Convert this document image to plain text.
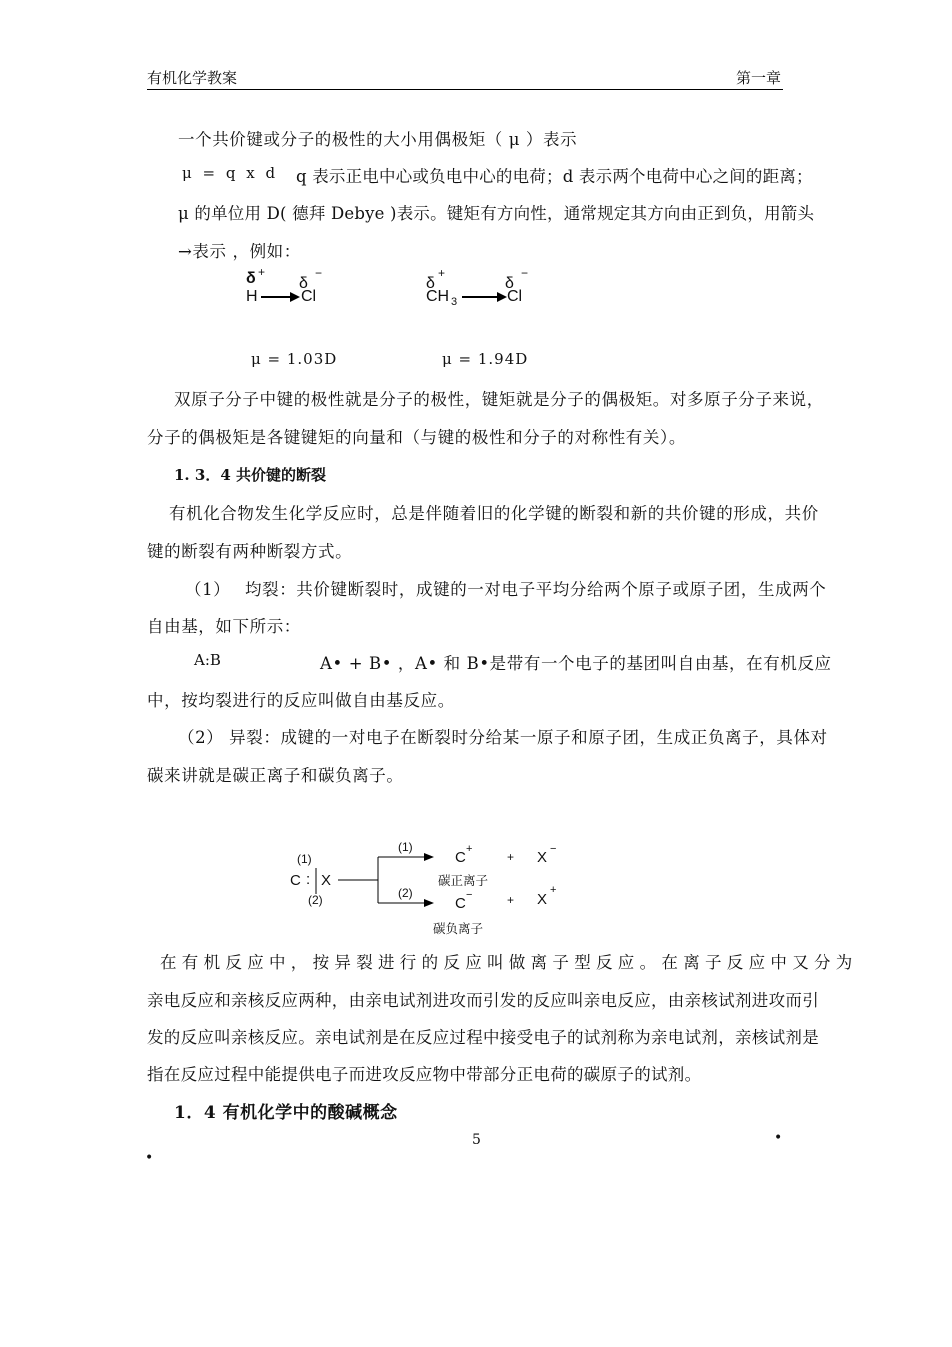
有机化学教案	第一章
一个共价键或分子的极性的大小用偶极矩（ μ ）表示
μ = q x d q 表示正电中心或负电中心的电荷；d 表示两个电荷中心之间的距离；
μ 的单位用 D( 德拜 Debye )表示。键矩有方向性，通常规定其方向由正到负，用箭头
→表示 ，例如：
δ +
δ
−
H	Cl
μ = 1.03D
δ
+
δ
−
CH 3	Cl
μ = 1.94D
双原子分子中键的极性就是分子的极性，键矩就是分子的偶极矩。对多原子分子来说，
分子的偶极矩是各键键矩的向量和（与键的极性和分子的对称性有关）。
1. 3．4 共价键的断裂
有机化合物发生化学反应时，总是伴随着旧的化学键的断裂和新的共价键的形成，共价
键的断裂有两种断裂方式。
（1） 均裂：共价键断裂时，成键的一对电子平均分给两个原子或原子团，生成两个
自由基，如下所示：
A:B	A• + B• ，A• 和 B•是带有一个电子的基团叫自由基，在有机反应
中，按均裂进行的反应叫做自由基反应。
（2） 异裂：成键的一对电子在断裂时分给某一原子和原子团，生成正负离子，具体对
碳来讲就是碳正离子和碳负离子。
(1)
C : X
(2)
(1)
(2)
C +
+ X −
碳正离子
C −	+ X
+
碳负离子
在有机反应中，按异裂进行的反应叫做离子型反应。在离子反应中又分为
亲电反应和亲核反应两种，由亲电试剂进攻而引发的反应叫亲电反应，由亲核试剂进攻而引
发的反应叫亲核反应。亲电试剂是在反应过程中接受电子的试剂称为亲电试剂，亲核试剂是
指在反应过程中能提供电子而进攻反应物中带部分正电荷的碳原子的试剂。
1．4 有机化学中的酸碱概念
5	•
•
